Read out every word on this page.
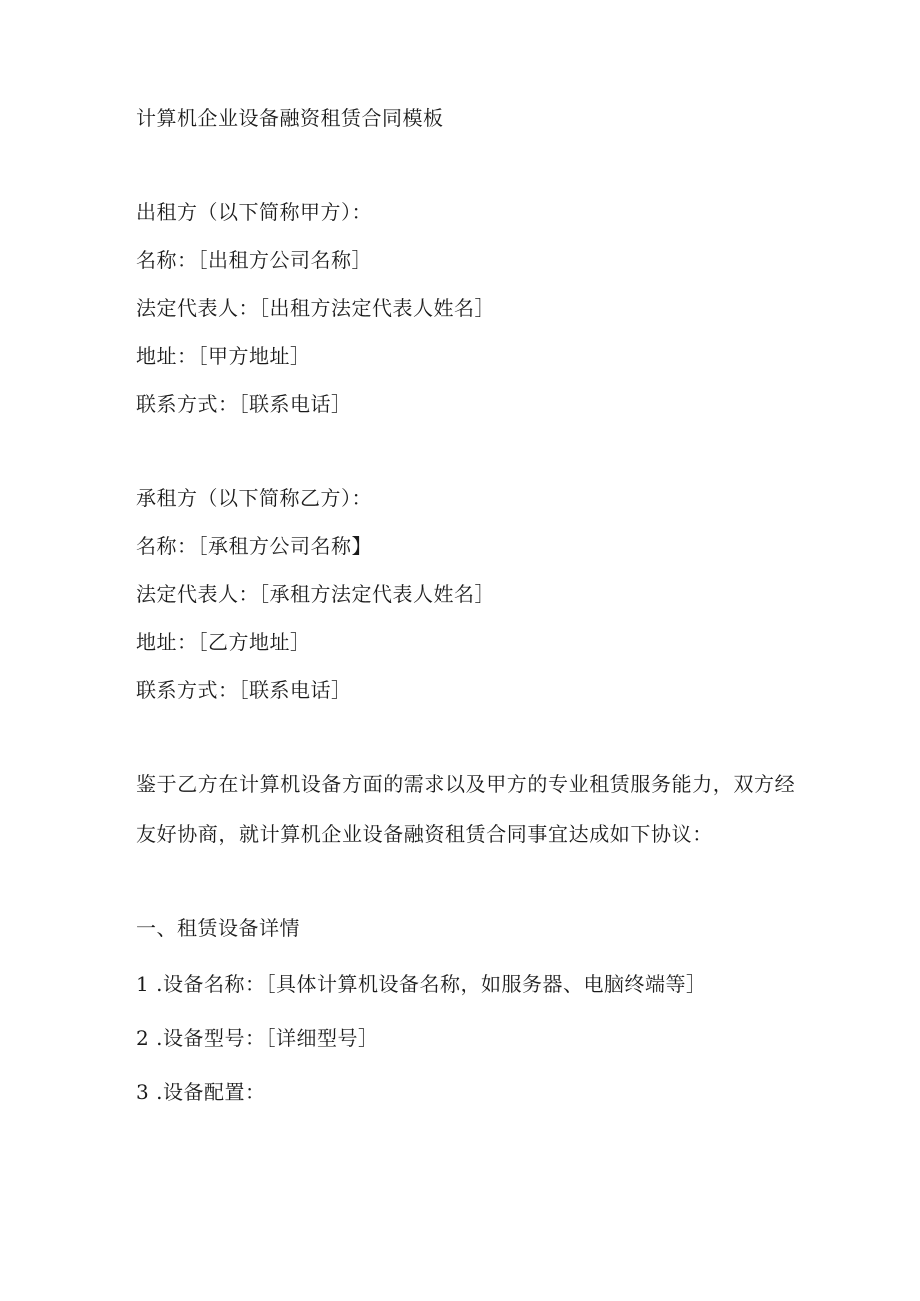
计算机企业设备融资租赁合同模板
出租方（以下简称甲方）：
名称：［出租方公司名称］
法定代表人：［出租方法定代表人姓名］
地址：［甲方地址］
联系方式：［联系电话］
承租方（以下简称乙方）：
名称：［承租方公司名称】
法定代表人：［承租方法定代表人姓名］
地址：［乙方地址］
联系方式：［联系电话］
鉴于乙方在计算机设备方面的需求以及甲方的专业租赁服务能力，双方经
友好协商，就计算机企业设备融资租赁合同事宜达成如下协议：
一、租赁设备详情
1 .设备名称：［具体计算机设备名称，如服务器、电脑终端等］
2 .设备型号：［详细型号］
3 .设备配置：
